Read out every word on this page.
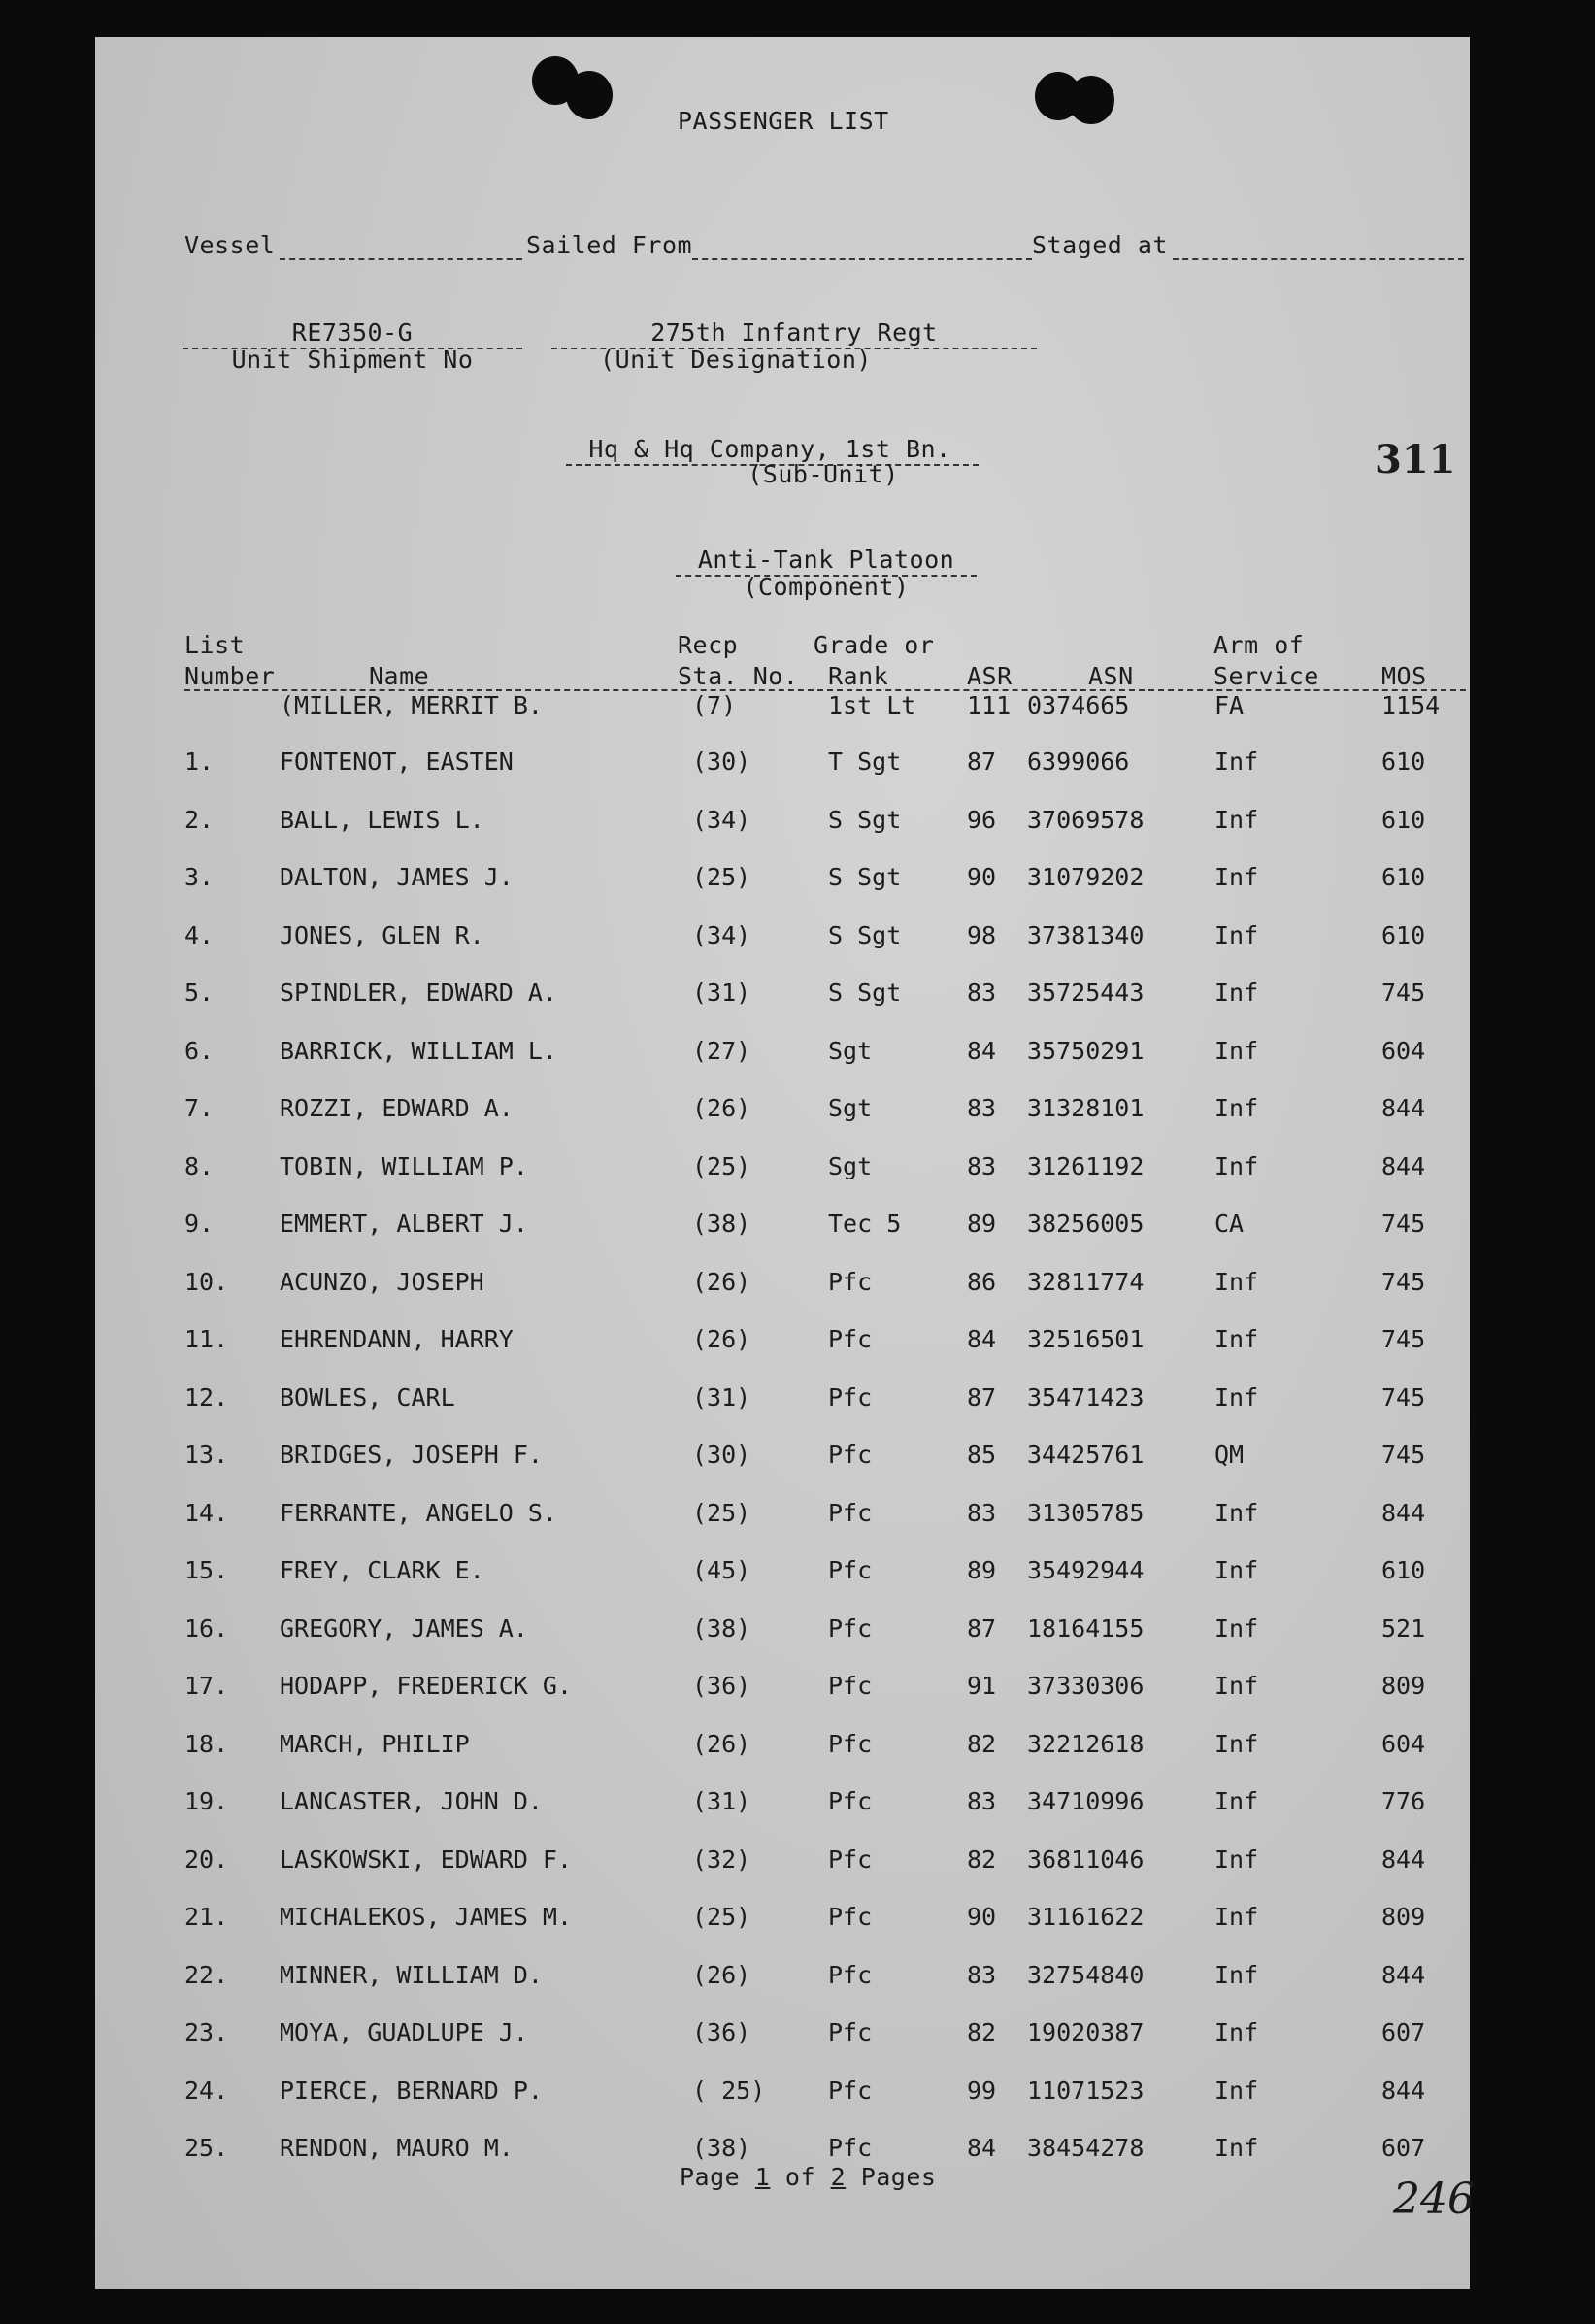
PASSENGER LIST
Vessel	Sailed From	Staged at
RE7350-G
Unit Shipment No
275th Infantry Regt
(Unit Designation)
Hq & Hq Company, 1st Bn.
(Sub-Unit)	311
Anti-Tank Platoon
(Component)
List
Number	Name
Recp
Sta. No.
Grade or
Rank	ASR	ASN
Arm of
Service	MOS
(MILLER, MERRIT B.	(7)	1st Lt 111 0374665	FA	1154
1.	FONTENOT, EASTEN	(30)	T Sgt	87 6399066	Inf	610
2.	BALL, LEWIS L.	(34)	S Sgt	96 37069578	Inf	610
3.	DALTON, JAMES J.	(25)	S Sgt	90 31079202	Inf	610
4.	JONES, GLEN R.	(34)	S Sgt	98 37381340	Inf	610
5.	SPINDLER, EDWARD A.	(31)	S Sgt	83 35725443	Inf	745
6.	BARRICK, WILLIAM L.	(27)	Sgt	84 35750291	Inf	604
7.	ROZZI, EDWARD A.	(26)	Sgt	83 31328101	Inf	844
8.	TOBIN, WILLIAM P.	(25)	Sgt	83 31261192	Inf	844
9.	EMMERT, ALBERT J.	(38)	Tec 5	89 38256005	CA	745
10. ACUNZO, JOSEPH	(26)	Pfc	86 32811774	Inf	745
11. EHRENDANN, HARRY	(26)	Pfc	84 32516501	Inf	745
12. BOWLES, CARL	(31)	Pfc	87 35471423	Inf	745
13. BRIDGES, JOSEPH F.	(30)	Pfc	85 34425761	QM	745
14. FERRANTE, ANGELO S.	(25)	Pfc	83 31305785	Inf	844
15. FREY, CLARK E.	(45)	Pfc	89 35492944	Inf	610
16. GREGORY, JAMES A.	(38)	Pfc	87 18164155	Inf	521
17. HODAPP, FREDERICK G.	(36)	Pfc	91 37330306	Inf	809
18. MARCH, PHILIP	(26)	Pfc	82 32212618	Inf	604
19. LANCASTER, JOHN D.	(31)	Pfc	83 34710996	Inf	776
20. LASKOWSKI, EDWARD F.	(32)	Pfc	82 36811046	Inf	844
21. MICHALEKOS, JAMES M.	(25)	Pfc	90 31161622	Inf	809
22. MINNER, WILLIAM D.	(26)	Pfc	83 32754840	Inf	844
23. MOYA, GUADLUPE J.	(36)	Pfc	82 19020387	Inf	607
24. PIERCE, BERNARD P.	( 25)	Pfc	99 11071523	Inf	844
25. RENDON, MAURO M.	(38)	Pfc	84 38454278	Inf	607
Page 1 of 2 Pages	246
